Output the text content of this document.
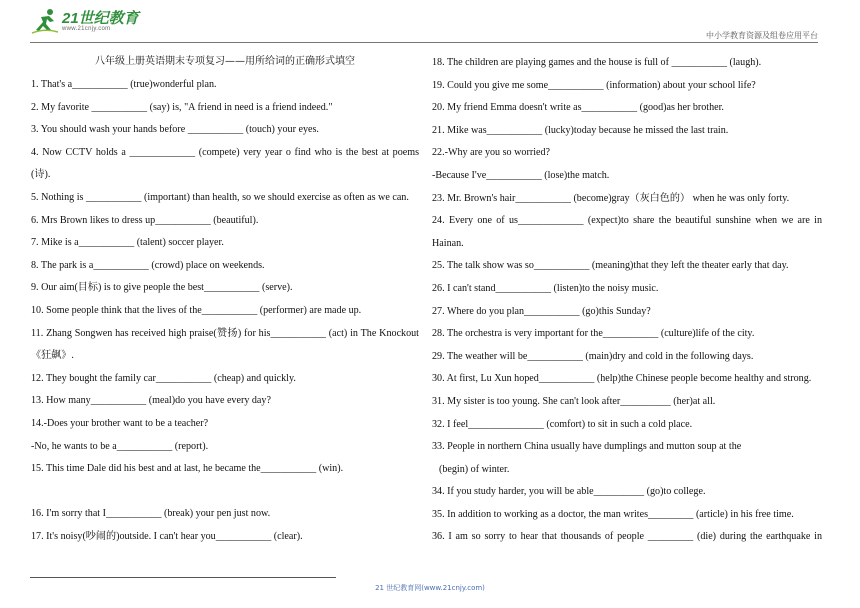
21世纪教育
www.21cnjy.com
中小学教育资源及组卷应用平台
八年级上册英语期末专项复习——用所给词的正确形式填空
1. That's a___________ (true)wonderful plan.
2. My favorite ___________ (say) is, "A friend in need is a friend indeed."
3. You should wash your hands before ___________ (touch) your eyes.
4. Now CCTV holds a _____________ (compete) very year o find who is the best at poems
(诗).
5. Nothing is ___________ (important) than health, so we should exercise as often as we can.
6. Mrs Brown likes to dress up___________ (beautiful).
7. Mike is a___________ (talent) soccer player.
8. The park is a___________ (crowd) place on weekends.
9. Our aim(目标) is to give people the best___________ (serve).
10. Some people think that the lives of the___________ (performer) are made up.
11. Zhang Songwen has received high praise(赞扬) for his___________ (act) in The Knockout
《狂飙》.
12. They bought the family car___________ (cheap) and quickly.
13. How many___________ (meal)do you have every day?
14.-Does your brother want to be a teacher?
-No, he wants to be a___________ (report).
15. This time Dale did his best and at last, he became the___________ (win).
16. I'm sorry that I___________ (break) your pen just now.
17. It's noisy(吵闹的)outside. I can't hear you___________ (clear).
18. The children are playing games and the house is full of ___________ (laugh).
19. Could you give me some___________ (information) about your school life?
20. My friend Emma doesn't write as___________ (good)as her brother.
21. Mike was___________ (lucky)today because he missed the last train.
22.-Why are you so worried?
-Because I've___________ (lose)the match.
23. Mr. Brown's hair___________ (become)gray（灰白色的） when he was only forty.
24. Every one of us_____________ (expect)to share the beautiful sunshine when we are in
Hainan.
25. The talk show was so___________ (meaning)that they left the theater early that day.
26. I can't stand___________ (listen)to the noisy music.
27. Where do you plan___________ (go)this Sunday?
28. The orchestra is very important for the___________ (culture)life of the city.
29. The weather will be___________ (main)dry and cold in the following days.
30. At first, Lu Xun hoped___________ (help)the Chinese people become healthy and strong.
31. My sister is too young. She can't look after__________ (her)at all.
32. I feel_______________ (comfort) to sit in such a cold place.
33. People in northern China usually have dumplings and mutton soup at the
(begin) of winter.
34. If you study harder, you will be able__________ (go)to college.
35. In addition to working as a doctor, the man writes_________ (article) in his free time.
36. I am so sorry to hear that thousands of people _________ (die) during the earthquake in
21 世纪教育网(www.21cnjy.com)
